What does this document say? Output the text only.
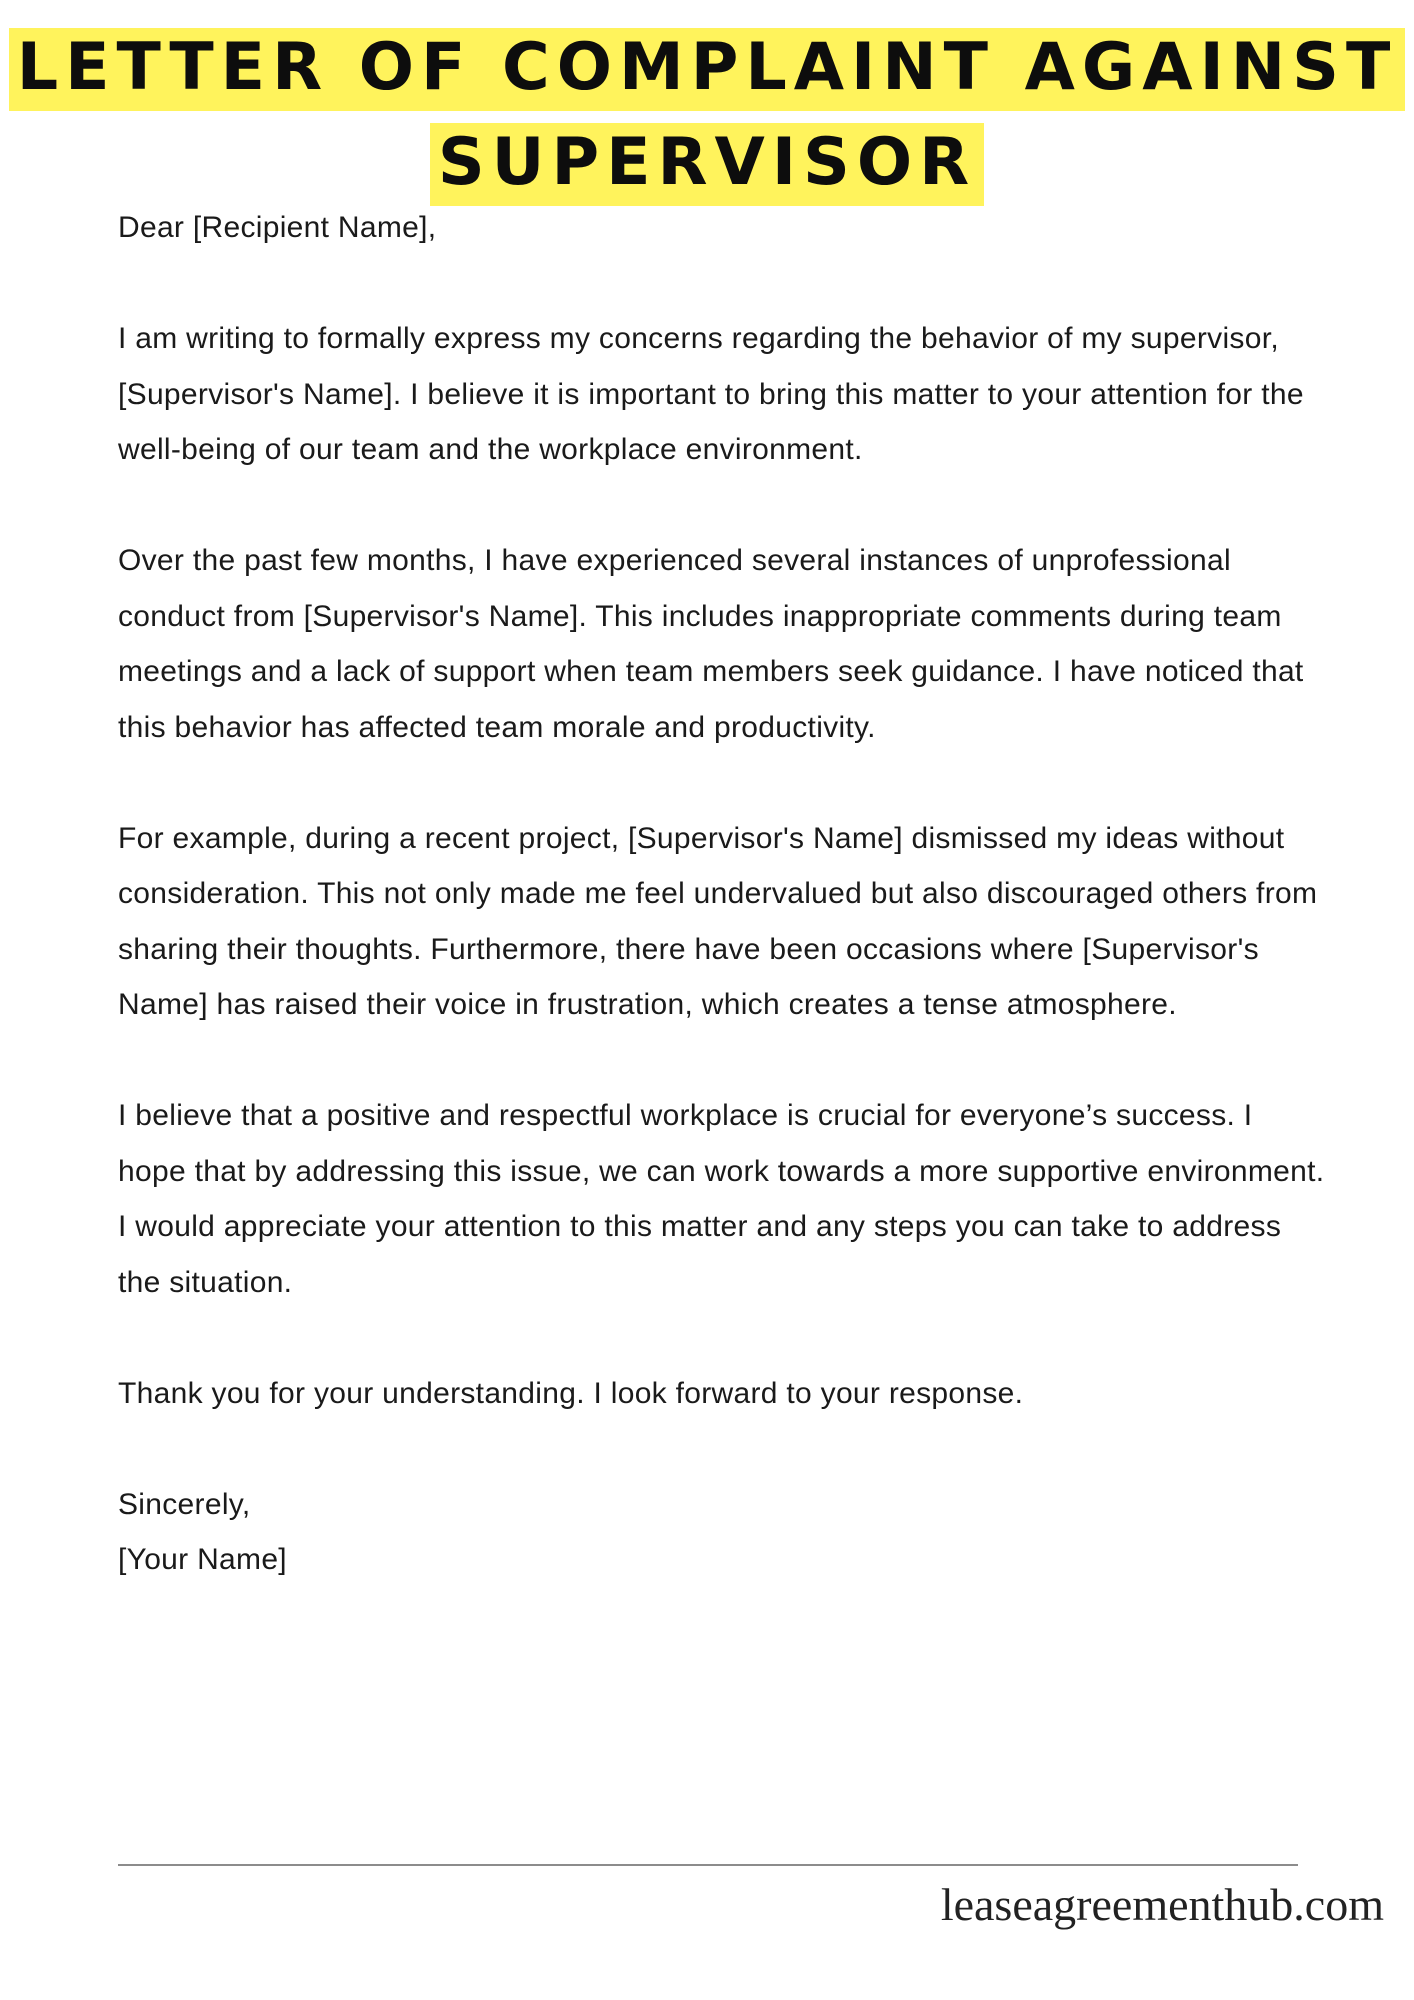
LETTER OF COMPLAINT AGAINST SUPERVISOR

Dear [Recipient Name],

I am writing to formally express my concerns regarding the behavior of my supervisor, [Supervisor's Name]. I believe it is important to bring this matter to your attention for the well-being of our team and the workplace environment.

Over the past few months, I have experienced several instances of unprofessional conduct from [Supervisor's Name]. This includes inappropriate comments during team meetings and a lack of support when team members seek guidance. I have noticed that this behavior has affected team morale and productivity.

For example, during a recent project, [Supervisor's Name] dismissed my ideas without consideration. This not only made me feel undervalued but also discouraged others from sharing their thoughts. Furthermore, there have been occasions where [Supervisor's Name] has raised their voice in frustration, which creates a tense atmosphere.

I believe that a positive and respectful workplace is crucial for everyone’s success. I hope that by addressing this issue, we can work towards a more supportive environment. I would appreciate your attention to this matter and any steps you can take to address the situation.

Thank you for your understanding. I look forward to your response.

Sincerely,

[Your Name]

leaseagreementhub.com
